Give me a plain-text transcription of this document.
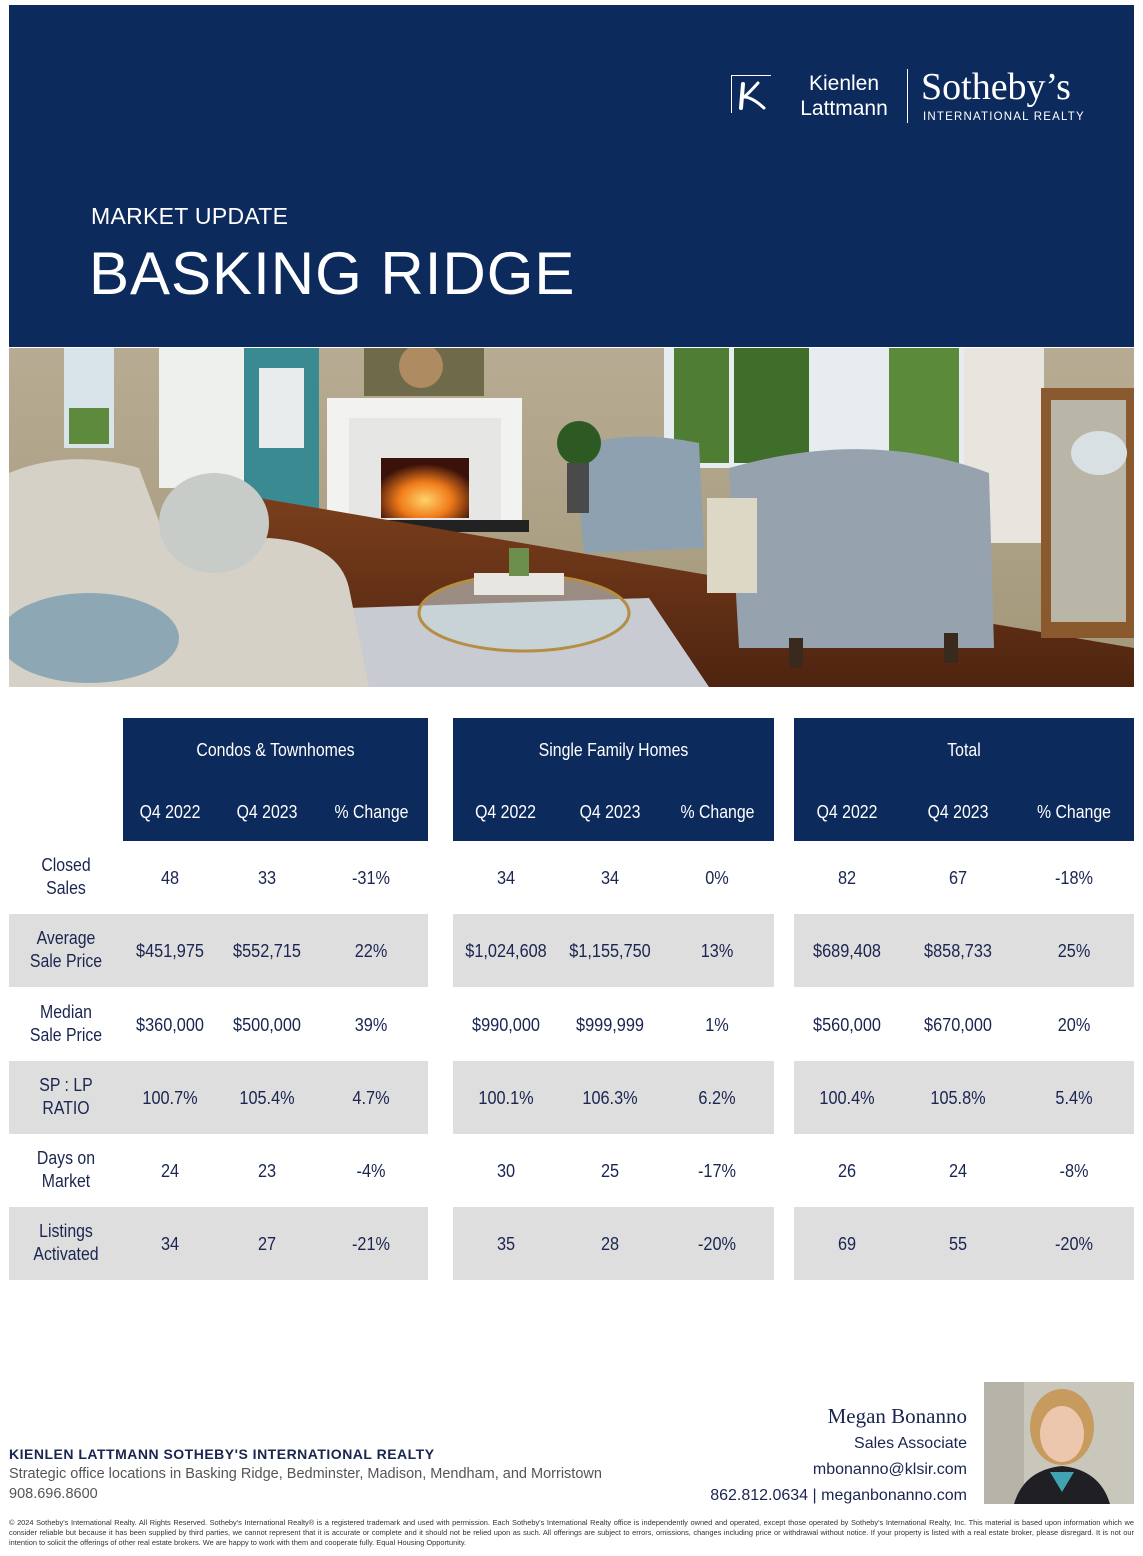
Kienlen
Lattmann
Sotheby’s
INTERNATIONAL REALTY
MARKET UPDATE
BASKING RIDGE
Condos & Townhomes
Q4 2022	Q4 2023	% Change
Single Family Homes
Q4 2022	Q4 2023	% Change
Total
Q4 2022	Q4 2023	% Change
Closed
Sales	48	33	-31%	34	34	0%	82	67	-18%
Average
Sale Price	$451,975	$552,715	22%	$1,024,608 $1,155,750	13%	$689,408	$858,733	25%
Median
Sale Price	$360,000	$500,000	39%	$990,000	$999,999	1%	$560,000	$670,000	20%
SP : LP
RATIO	100.7%	105.4%	4.7%	100.1%	106.3%	6.2%	100.4%	105.8%	5.4%
Days on
Market	24	23	-4%	30	25	-17%	26	24	-8%
Listings
Activated	34	27	-21%	35	28	-20%	69	55	-20%
Megan Bonanno
Sales Associate
mbonanno@klsir.com
862.812.0634 | meganbonanno.com
KIENLEN LATTMANN SOTHEBY'S INTERNATIONAL REALTY
Strategic office locations in Basking Ridge, Bedminster, Madison, Mendham, and Morristown
908.696.8600
© 2024 Sotheby's International Realty. All Rights Reserved. Sotheby's International Realty® is a registered trademark and used with permission. Each Sotheby's International Realty office is independently owned and operated, except those operated by Sotheby's International Realty, Inc. This material is based upon information which we consider reliable but because it has been supplied by third parties, we cannot represent that it is accurate or complete and it should not be relied upon as such. All offerings are subject to errors, omissions, changes including price or withdrawal without notice. If your property is listed with a real estate broker, please disregard. It is not our intention to solicit the offerings of other real estate brokers. We are happy to work with them and cooperate fully. Equal Housing Opportunity.
